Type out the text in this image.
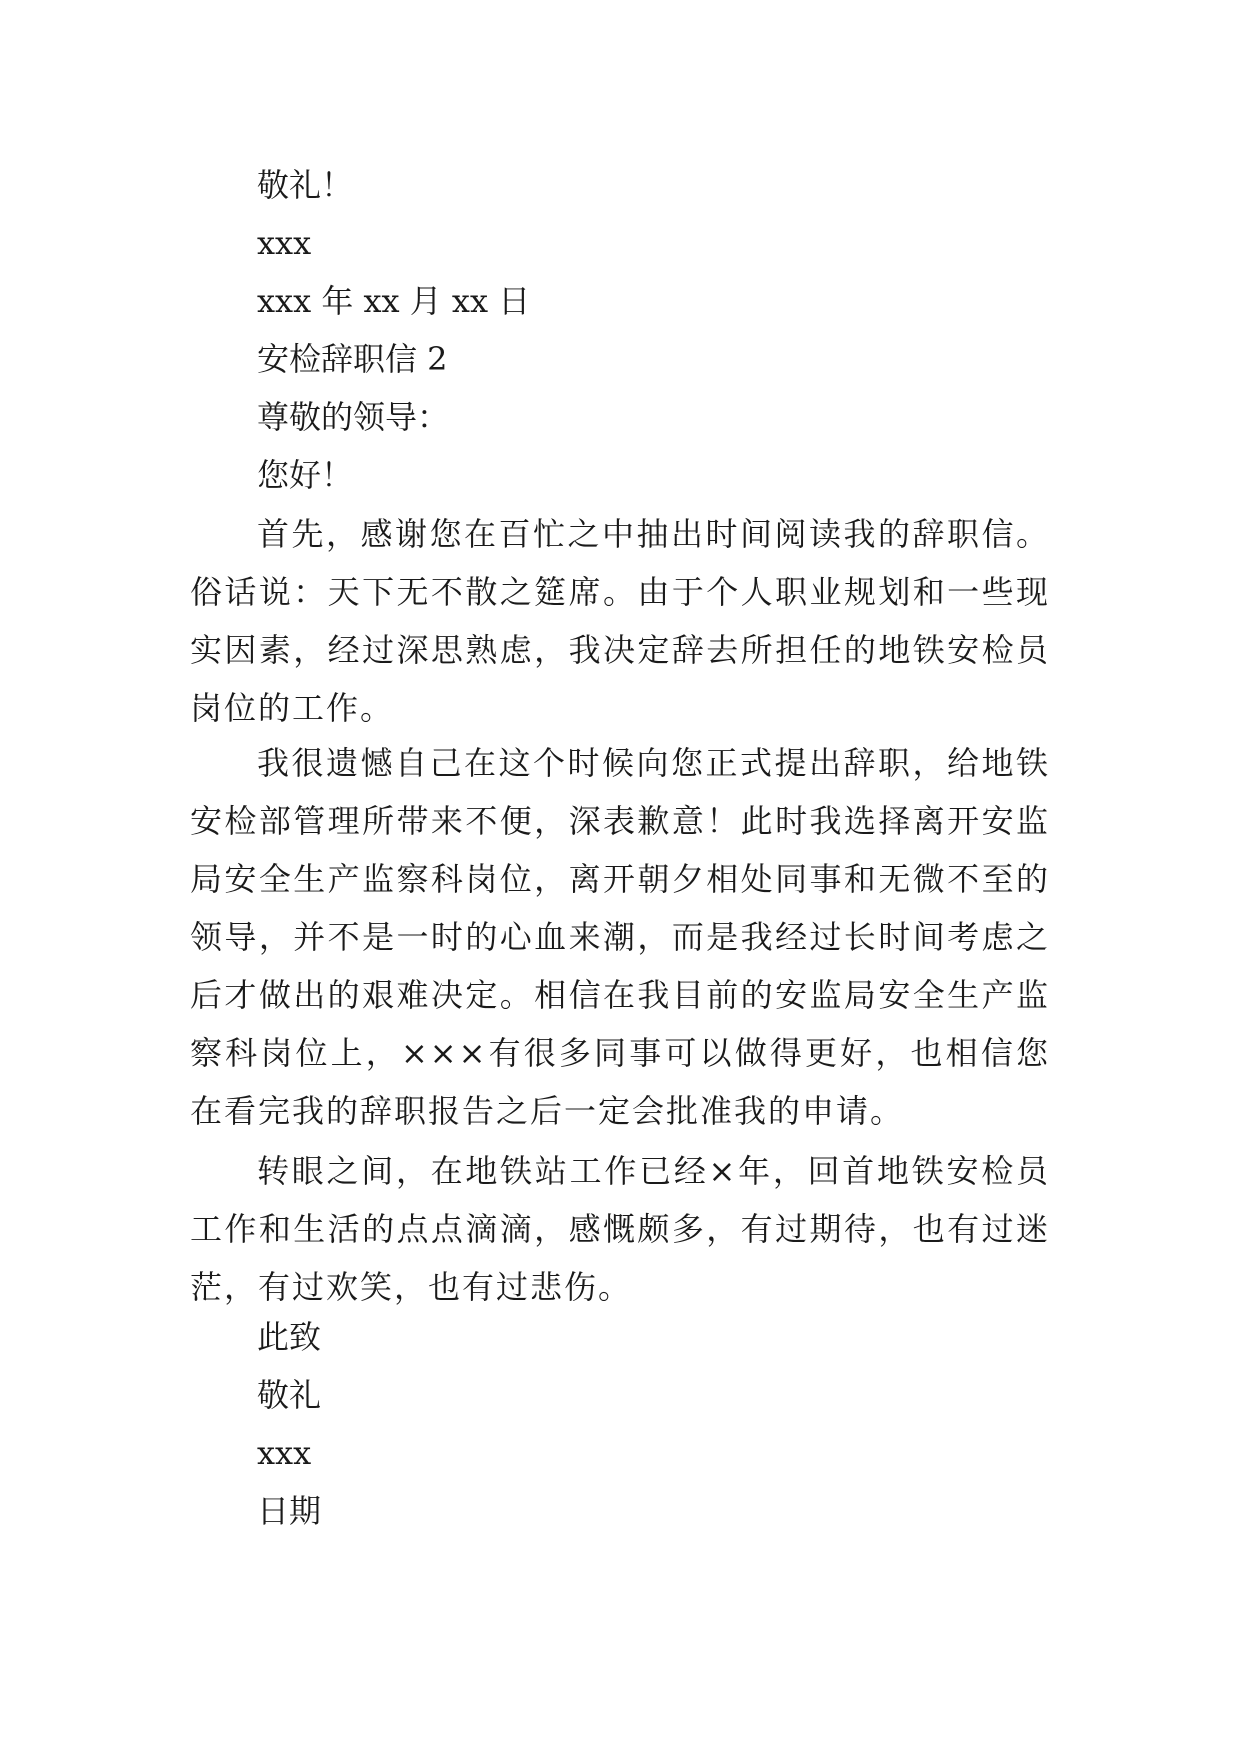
敬礼！
xxx
xxx 年 xx 月 xx 日
安检辞职信 2
尊敬的领导：
您好！
首先，感谢您在百忙之中抽出时间阅读我的辞职信。俗话说：天下无不散之筵席。由于个人职业规划和一些现实因素，经过深思熟虑，我决定辞去所担任的地铁安检员岗位的工作。
我很遗憾自己在这个时候向您正式提出辞职，给地铁安检部管理所带来不便，深表歉意！此时我选择离开安监局安全生产监察科岗位，离开朝夕相处同事和无微不至的领导，并不是一时的心血来潮，而是我经过长时间考虑之后才做出的艰难决定。相信在我目前的安监局安全生产监察科岗位上，×××有很多同事可以做得更好，也相信您在看完我的辞职报告之后一定会批准我的申请。
转眼之间，在地铁站工作已经×年，回首地铁安检员工作和生活的点点滴滴，感慨颇多，有过期待，也有过迷茫，有过欢笑，也有过悲伤。
此致
敬礼
xxx
日期
